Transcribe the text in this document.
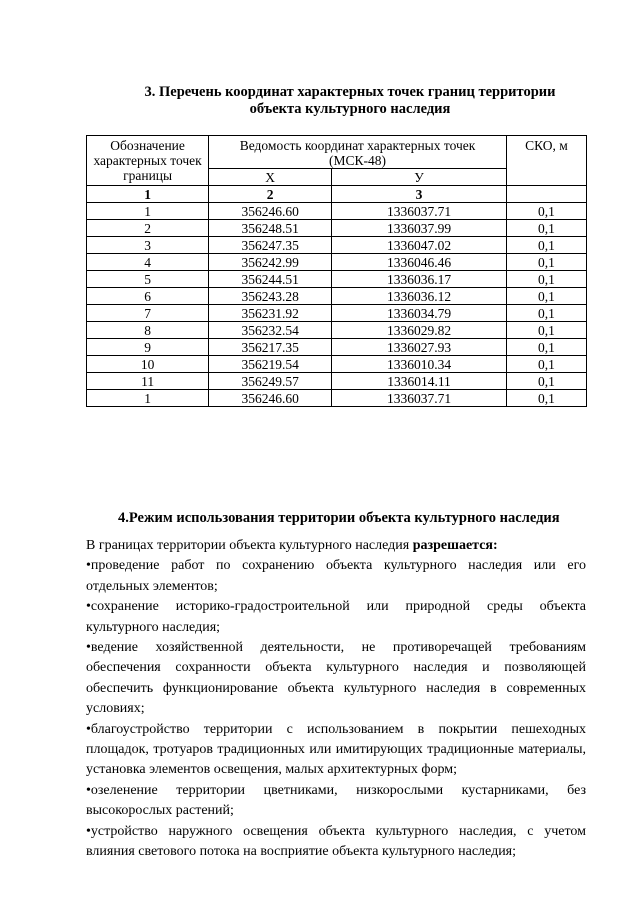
3. Перечень координат характерных точек границ территории
объекта культурного наследия
Обозначение характерных точек границы	Ведомость координат характерных точек (МСК-48)		СКО, м
	Х	У	
1	2	3	
1	356246.60	1336037.71	0,1
2	356248.51	1336037.99	0,1
3	356247.35	1336047.02	0,1
4	356242.99	1336046.46	0,1
5	356244.51	1336036.17	0,1
6	356243.28	1336036.12	0,1
7	356231.92	1336034.79	0,1
8	356232.54	1336029.82	0,1
9	356217.35	1336027.93	0,1
10	356219.54	1336010.34	0,1
11	356249.57	1336014.11	0,1
1	356246.60	1336037.71	0,1
4.Режим использования территории объекта культурного наследия

В границах территории объекта культурного наследия разрешается:

•проведение работ по сохранению объекта культурного наследия или его отдельных элементов;

•сохранение историко-градостроительной или природной среды объекта культурного наследия;

•ведение хозяйственной деятельности, не противоречащей требованиям обеспечения сохранности объекта культурного наследия и позволяющей обеспечить функционирование объекта культурного наследия в современных условиях;

•благоустройство территории с использованием в покрытии пешеходных площадок, тротуаров традиционных или имитирующих традиционные материалы, установка элементов освещения, малых архитектурных форм;

•озеленение территории цветниками, низкорослыми кустарниками, без высокорослых растений;

•устройство наружного освещения объекта культурного наследия, с учетом влияния светового потока на восприятие объекта культурного наследия;
